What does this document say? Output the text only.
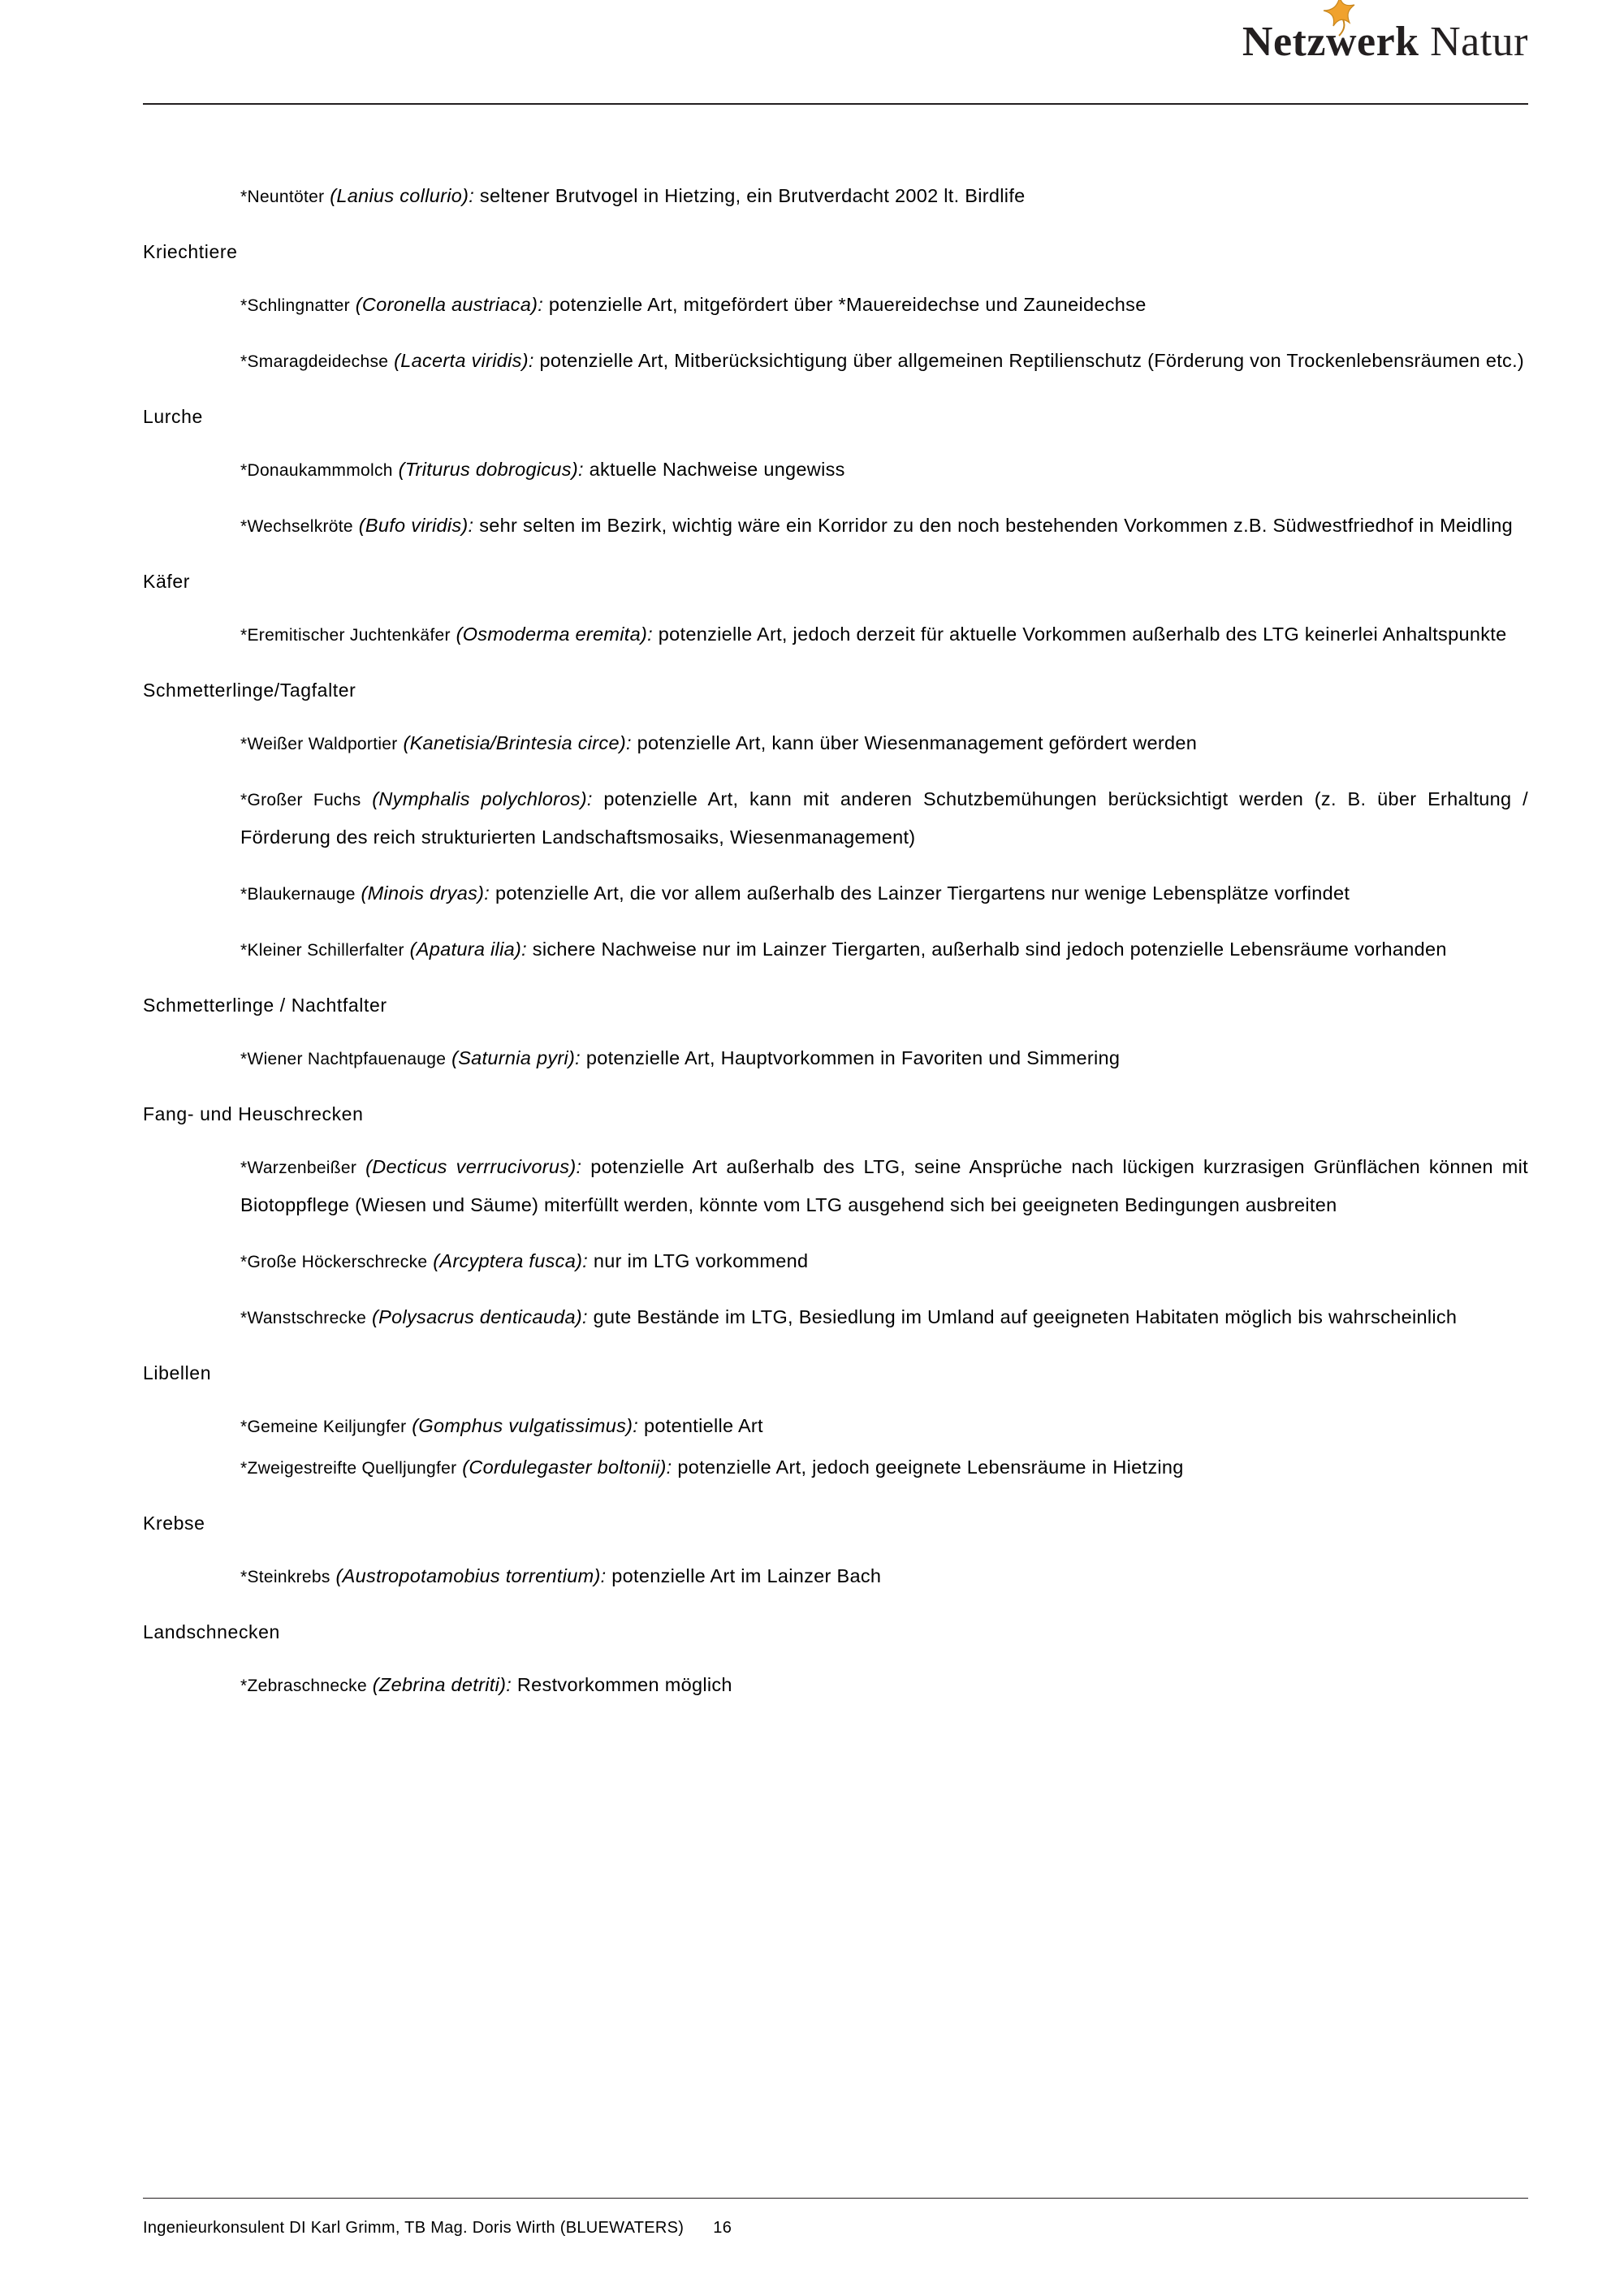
Netzwerk Natur
*Neuntöter (Lanius collurio): seltener Brutvogel in Hietzing, ein Brutverdacht 2002 lt. Birdlife
Kriechtiere
*Schlingnatter (Coronella austriaca): potenzielle Art, mitgefördert über *Mauereidechse und Zauneidechse
*Smaragdeidechse (Lacerta viridis): potenzielle Art, Mitberücksichtigung über allgemeinen Reptilienschutz (Förderung von Trockenlebensräumen etc.)
Lurche
*Donaukammmolch (Triturus dobrogicus): aktuelle Nachweise ungewiss
*Wechselkröte (Bufo viridis): sehr selten im Bezirk, wichtig wäre ein Korridor zu den noch bestehenden Vorkommen z.B. Südwestfriedhof in Meidling
Käfer
*Eremitischer Juchtenkäfer (Osmoderma eremita): potenzielle Art, jedoch derzeit für aktuelle Vorkommen außerhalb des LTG keinerlei Anhaltspunkte
Schmetterlinge/Tagfalter
*Weißer Waldportier (Kanetisia/Brintesia circe): potenzielle Art, kann über Wiesenmanagement gefördert werden
*Großer Fuchs (Nymphalis polychloros): potenzielle Art, kann mit anderen Schutzbemühungen berücksichtigt werden (z. B. über Erhaltung / Förderung des reich strukturierten Landschaftsmosaiks, Wiesenmanagement)
*Blaukernauge (Minois dryas): potenzielle Art, die vor allem außerhalb des Lainzer Tiergartens nur wenige Lebensplätze vorfindet
*Kleiner Schillerfalter (Apatura ilia): sichere Nachweise nur im Lainzer Tiergarten, außerhalb sind jedoch potenzielle Lebensräume vorhanden
Schmetterlinge / Nachtfalter
*Wiener Nachtpfauenauge (Saturnia pyri): potenzielle Art, Hauptvorkommen in Favoriten und Simmering
Fang- und Heuschrecken
*Warzenbeißer (Decticus verrrucivorus): potenzielle Art außerhalb des LTG, seine Ansprüche nach lückigen kurzrasigen Grünflächen können mit Biotoppflege (Wiesen und Säume) miterfüllt werden, könnte vom LTG ausgehend sich bei geeigneten Bedingungen ausbreiten
*Große Höckerschrecke (Arcyptera fusca): nur im LTG vorkommend
*Wanstschrecke (Polysacrus denticauda): gute Bestände im LTG, Besiedlung im Umland auf geeigneten Habitaten möglich bis wahrscheinlich
Libellen
*Gemeine Keiljungfer (Gomphus vulgatissimus): potentielle Art
*Zweigestreifte Quelljungfer (Cordulegaster boltonii): potenzielle Art, jedoch geeignete Lebensräume in Hietzing
Krebse
*Steinkrebs (Austropotamobius torrentium): potenzielle Art im Lainzer Bach
Landschnecken
*Zebraschnecke (Zebrina detriti): Restvorkommen möglich
Ingenieurkonsulent DI Karl Grimm, TB Mag. Doris Wirth (BLUEWATERS) 16
